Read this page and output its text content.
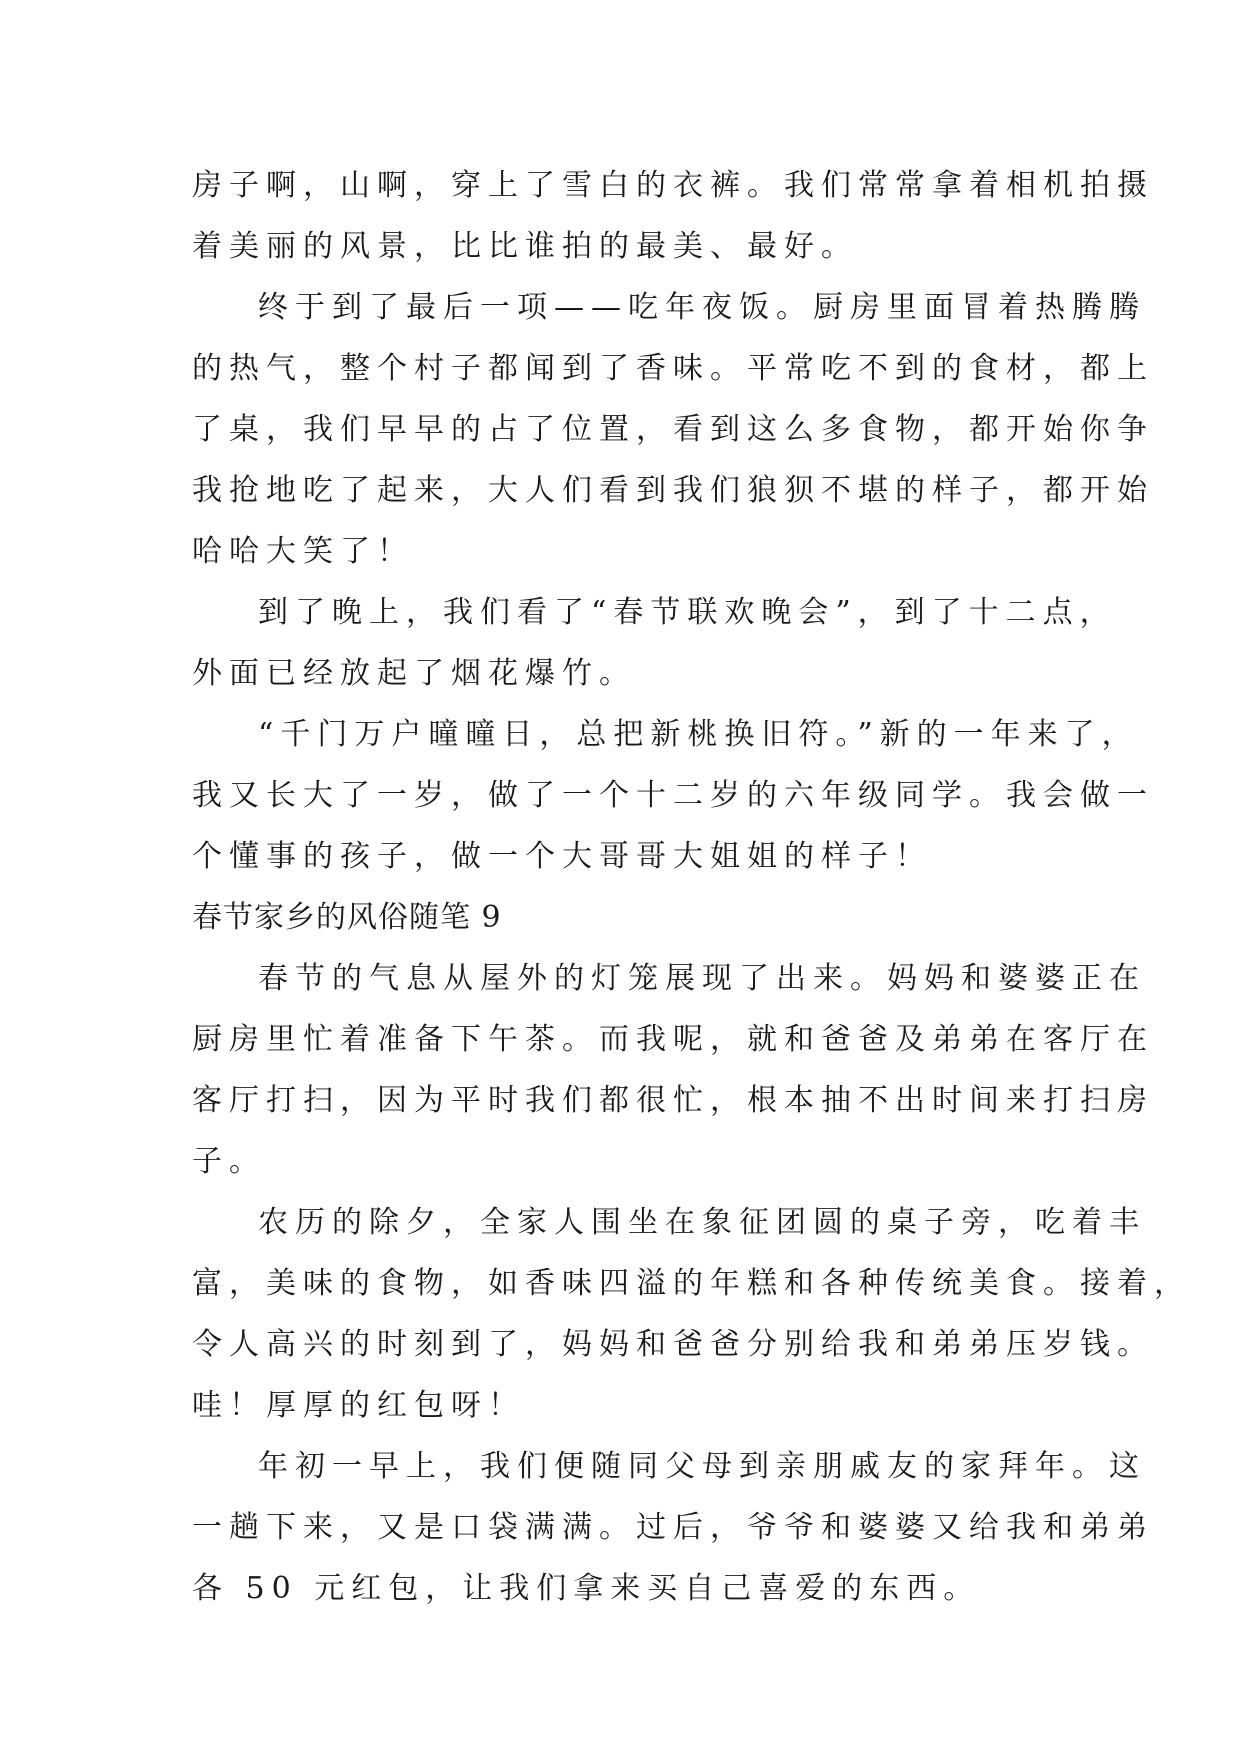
房子啊，山啊，穿上了雪白的衣裤。我们常常拿着相机拍摄
着美丽的风景，比比谁拍的最美、最好。
终于到了最后一项——吃年夜饭。厨房里面冒着热腾腾
的热气，整个村子都闻到了香味。平常吃不到的食材，都上
了桌，我们早早的占了位置，看到这么多食物，都开始你争
我抢地吃了起来，大人们看到我们狼狈不堪的样子，都开始
哈哈大笑了！
到了晚上，我们看了“春节联欢晚会”，到了十二点，
外面已经放起了烟花爆竹。
“千门万户曈曈日，总把新桃换旧符。”新的一年来了，
我又长大了一岁，做了一个十二岁的六年级同学。我会做一
个懂事的孩子，做一个大哥哥大姐姐的样子！
春节家乡的风俗随笔 9
春节的气息从屋外的灯笼展现了出来。妈妈和婆婆正在
厨房里忙着准备下午茶。而我呢，就和爸爸及弟弟在客厅在
客厅打扫，因为平时我们都很忙，根本抽不出时间来打扫房
子。
农历的除夕，全家人围坐在象征团圆的桌子旁，吃着丰
富，美味的食物，如香味四溢的年糕和各种传统美食。接着，
令人高兴的时刻到了，妈妈和爸爸分别给我和弟弟压岁钱。
哇！厚厚的红包呀！
年初一早上，我们便随同父母到亲朋戚友的家拜年。这
一趟下来，又是口袋满满。过后，爷爷和婆婆又给我和弟弟
各 50 元红包，让我们拿来买自己喜爱的东西。
